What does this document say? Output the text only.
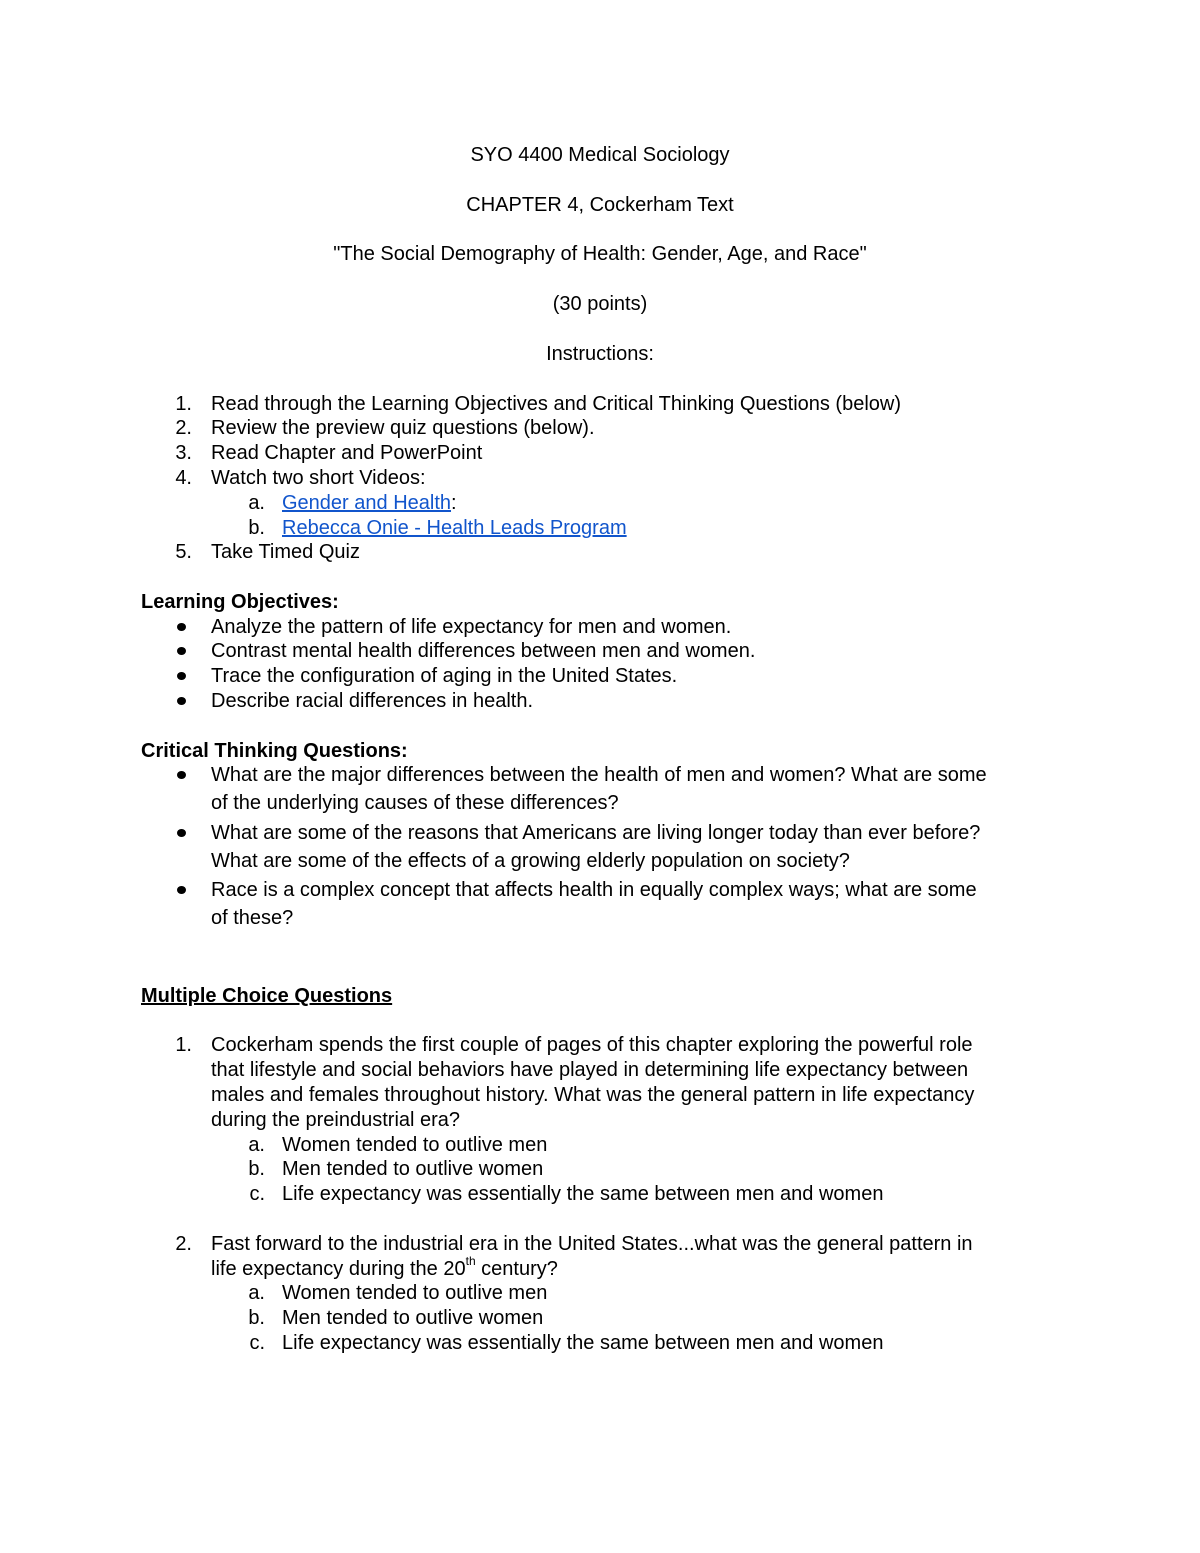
SYO 4400 Medical Sociology
CHAPTER 4, Cockerham Text
"The Social Demography of Health: Gender, Age, and Race"
(30 points)
Instructions:
1. Read through the Learning Objectives and Critical Thinking Questions (below)
2. Review the preview quiz questions (below).
3. Read Chapter and PowerPoint
4. Watch two short Videos:
a. Gender and Health:
b. Rebecca Onie - Health Leads Program
5. Take Timed Quiz
Learning Objectives:
Analyze the pattern of life expectancy for men and women.
Contrast mental health differences between men and women.
Trace the configuration of aging in the United States.
Describe racial differences in health.
Critical Thinking Questions:
What are the major differences between the health of men and women? What are some
of the underlying causes of these differences?
What are some of the reasons that Americans are living longer today than ever before?
What are some of the effects of a growing elderly population on society?
Race is a complex concept that affects health in equally complex ways; what are some
of these?
Multiple Choice Questions
1. Cockerham spends the first couple of pages of this chapter exploring the powerful role
that lifestyle and social behaviors have played in determining life expectancy between
males and females throughout history. What was the general pattern in life expectancy
during the preindustrial era?
a. Women tended to outlive men
b. Men tended to outlive women
c. Life expectancy was essentially the same between men and women
2. Fast forward to the industrial era in the United States...what was the general pattern in
life expectancy during the 20th century?
a. Women tended to outlive men
b. Men tended to outlive women
c. Life expectancy was essentially the same between men and women
